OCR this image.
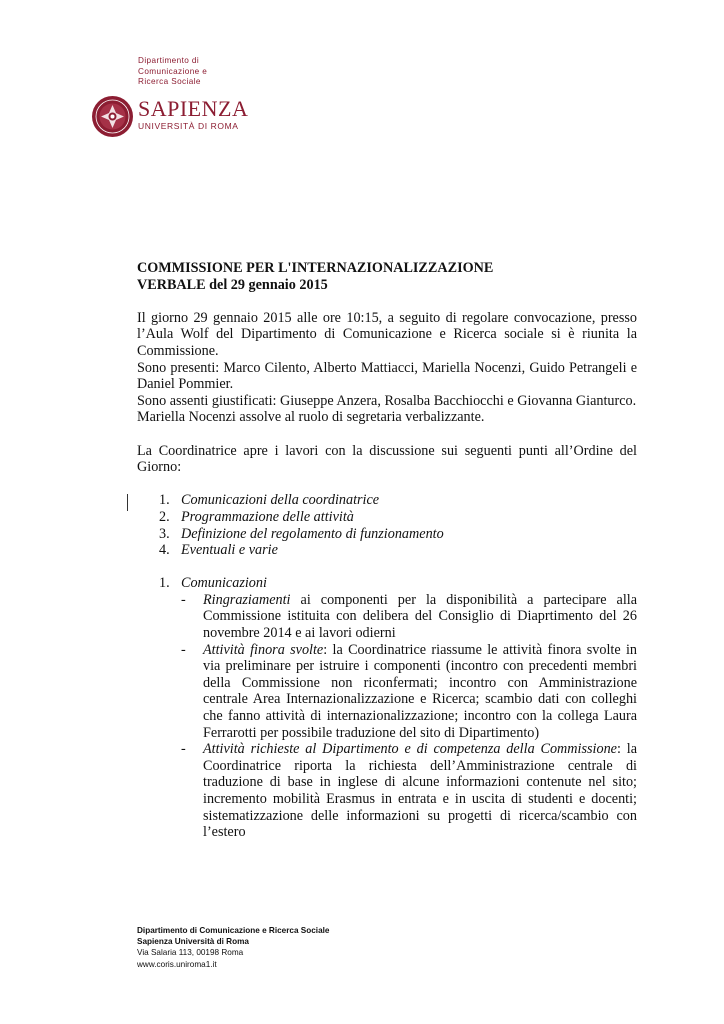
Dipartimento di
Comunicazione e
Ricerca Sociale
SAPIENZA
UNIVERSITÀ DI ROMA

COMMISSIONE PER L'INTERNAZIONALIZZAZIONE

VERBALE del 29 gennaio 2015

Il giorno 29 gennaio 2015 alle ore 10:15, a seguito di regolare convocazione, presso l’Aula Wolf del Dipartimento di Comunicazione e Ricerca sociale si è riunita la Commissione.

Sono presenti: Marco Cilento, Alberto Mattiacci, Mariella Nocenzi, Guido Petrangeli e Daniel Pommier.

Sono assenti giustificati: Giuseppe Anzera, Rosalba Bacchiocchi e Giovanna Gianturco.

Mariella Nocenzi assolve al ruolo di segretaria verbalizzante.

La Coordinatrice apre i lavori con la discussione sui seguenti punti all’Ordine del Giorno:

1. Comunicazioni della coordinatrice
2. Programmazione delle attività
3. Definizione del regolamento di funzionamento
4. Eventuali e varie
1. Comunicazioni
-	Ringraziamenti ai componenti per la disponibilità a partecipare alla Commissione istituita con delibera del Consiglio di Diaprtimento del 26 novembre 2014 e ai lavori odierni
-	Attività finora svolte: la Coordinatrice riassume le attività finora svolte in via preliminare per istruire i componenti (incontro con precedenti membri della Commissione non riconfermati; incontro con Amministrazione centrale Area Internazionalizzazione e Ricerca; scambio dati con colleghi che fanno attività di internazionalizzazione; incontro con la collega Laura Ferrarotti per possibile traduzione del sito di Dipartimento)
-	Attività richieste al Dipartimento e di competenza della Commissione: la Coordinatrice riporta la richiesta dell’Amministrazione centrale di traduzione di base in inglese di alcune informazioni contenute nel sito; incremento mobilità Erasmus in entrata e in uscita di studenti e docenti; sistematizzazione delle informazioni su progetti di ricerca/scambio con l’estero
Dipartimento di Comunicazione e Ricerca Sociale
Sapienza Università di Roma
Via Salaria 113, 00198 Roma
www.coris.uniroma1.it
